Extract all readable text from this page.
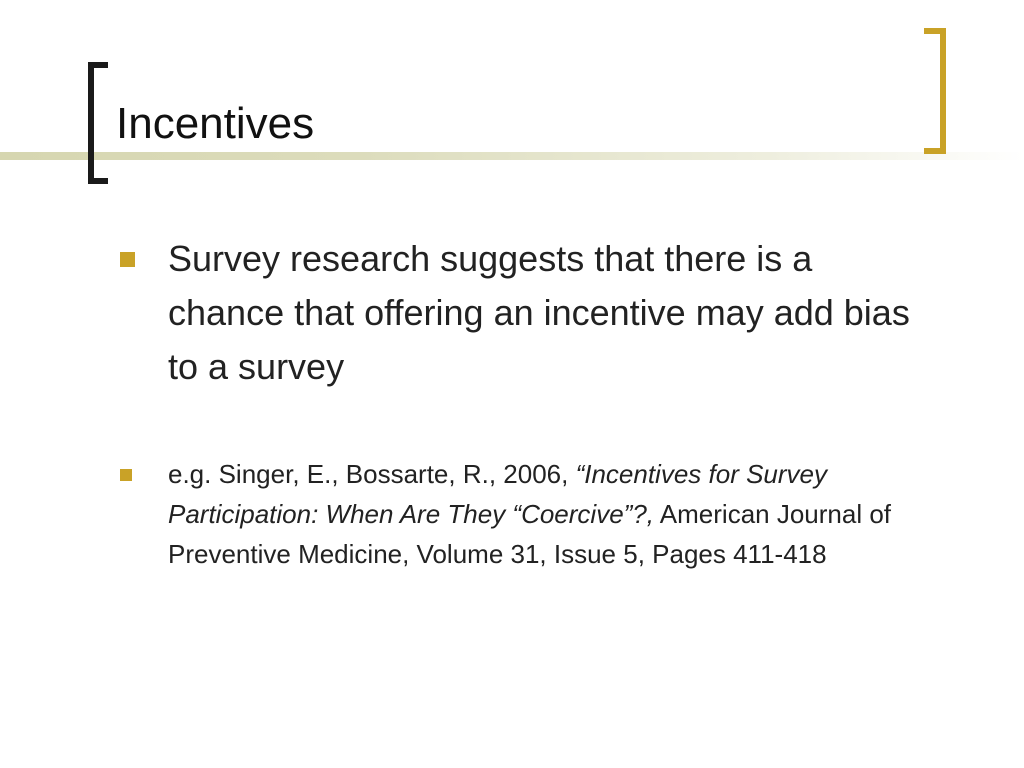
Incentives
Survey research suggests that there is a chance that offering an incentive may add bias to a survey
e.g. Singer, E., Bossarte, R., 2006, “Incentives for Survey Participation: When Are They “Coercive”?, American Journal of Preventive Medicine, Volume 31, Issue 5, Pages 411-418
